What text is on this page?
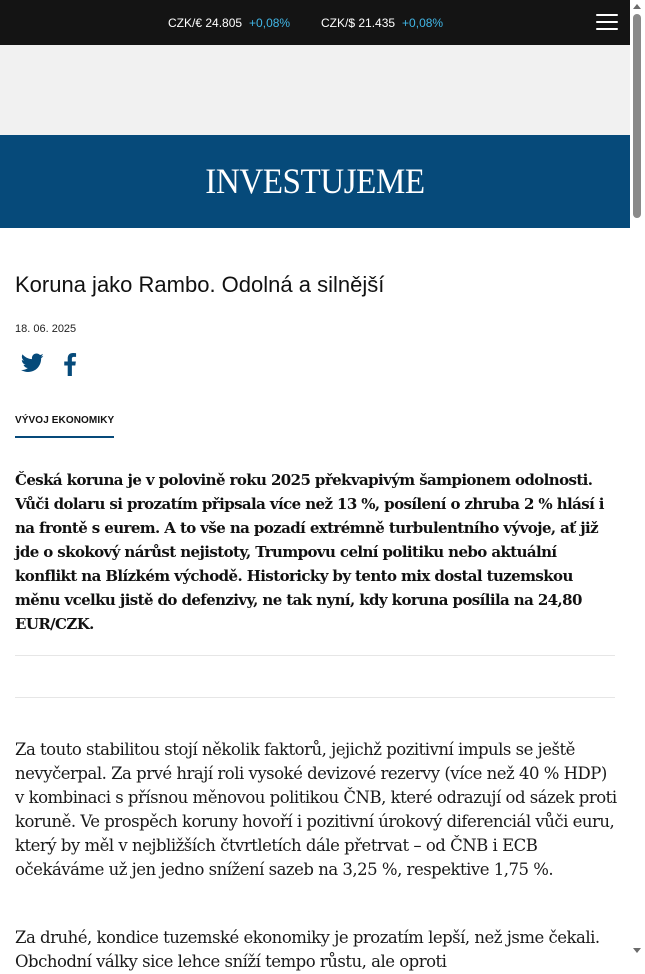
CZK/€ 24.805 +0,08%	CZK/$ 21.435 +0,08%
INVESTUJEME
Koruna jako Rambo. Odolná a silnější
18. 06. 2025
VÝVOJ EKONOMIKY

Česká koruna je v polovině roku 2025 překvapivým šampionem odolnosti. Vůči dolaru si prozatím připsala více než 13 %, posílení o zhruba 2 % hlásí i na frontě s eurem. A to vše na pozadí extrémně turbulentního vývoje, ať již jde o skokový nárůst nejistoty, Trumpovu celní politiku nebo aktuální konflikt na Blízkém východě. Historicky by tento mix dostal tuzemskou měnu vcelku jistě do defenzivy, ne tak nyní, kdy koruna posílila na 24,80 EUR/CZK.

Za touto stabilitou stojí několik faktorů, jejichž pozitivní impuls se ještě nevyčerpal. Za prvé hrají roli vysoké devizové rezervy (více než 40 % HDP) v kombinaci s přísnou měnovou politikou ČNB, které odrazují od sázek proti koruně. Ve prospěch koruny hovoří i pozitivní úrokový diferenciál vůči euru, který by měl v nejbližších čtvrtletích dále přetrvat – od ČNB i ECB očekáváme už jen jedno snížení sazeb na 3,25 %, respektive 1,75 %.

Za druhé, kondice tuzemské ekonomiky je prozatím lepší, než jsme čekali. Obchodní války sice lehce sníží tempo růstu, ale oproti
